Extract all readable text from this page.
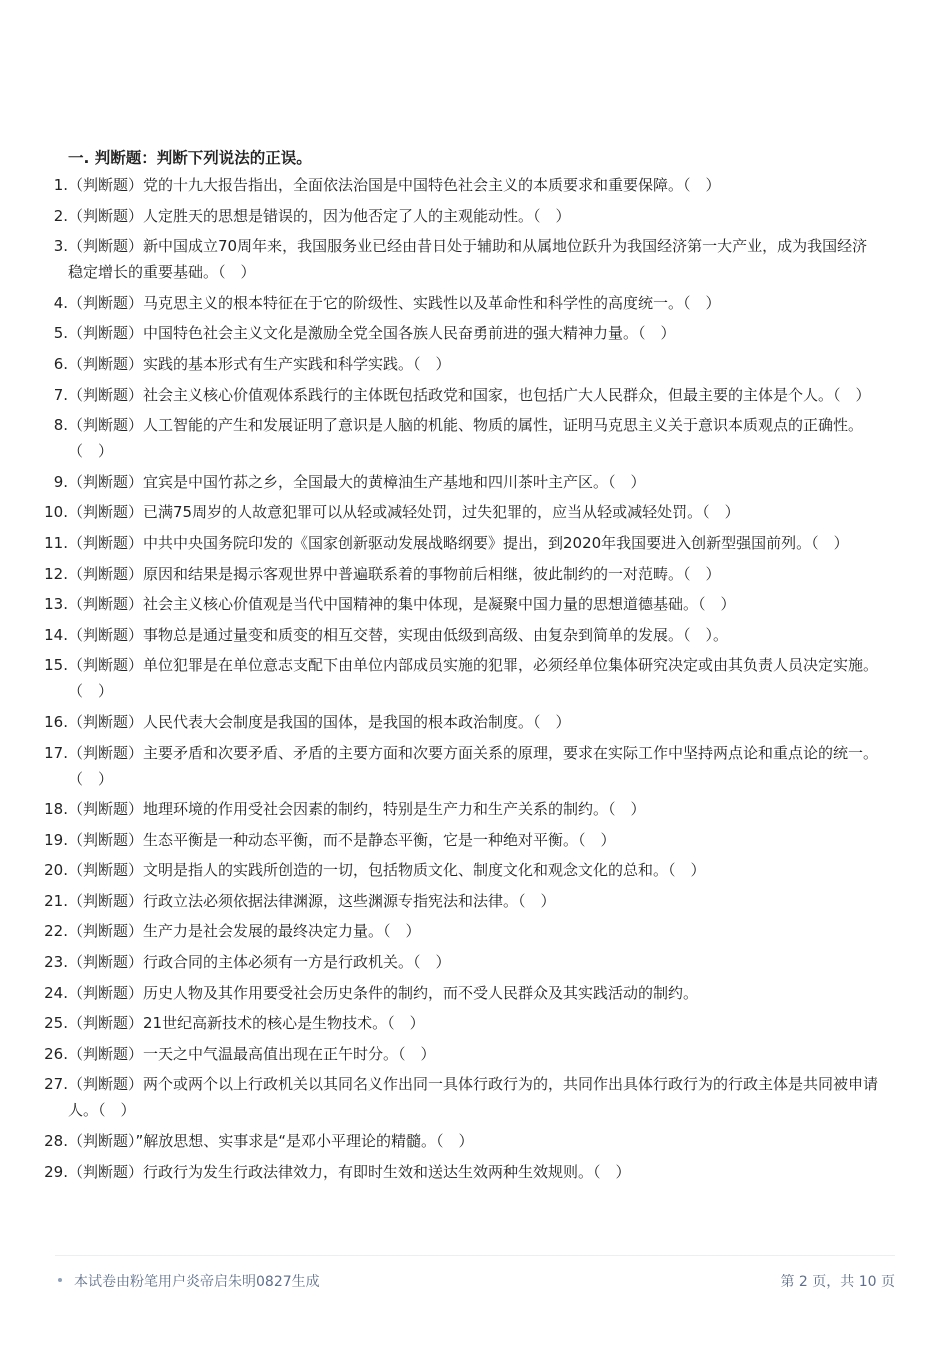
一. 判断题：判断下列说法的正误。
1. （判断题）党的十九大报告指出，全面依法治国是中国特色社会主义的本质要求和重要保障。（　）
2. （判断题）人定胜天的思想是错误的，因为他否定了人的主观能动性。（　）
3. （判断题）新中国成立70周年来，我国服务业已经由昔日处于辅助和从属地位跃升为我国经济第一大产业，成为我国经济稳定增长的重要基础。（　）
4. （判断题）马克思主义的根本特征在于它的阶级性、实践性以及革命性和科学性的高度统一。（　）
5. （判断题）中国特色社会主义文化是激励全党全国各族人民奋勇前进的强大精神力量。（　）
6. （判断题）实践的基本形式有生产实践和科学实践。（　）
7. （判断题）社会主义核心价值观体系践行的主体既包括政党和国家，也包括广大人民群众，但最主要的主体是个人。（　）
8. （判断题）人工智能的产生和发展证明了意识是人脑的机能、物质的属性，证明马克思主义关于意识本质观点的正确性。（　）
9. （判断题）宜宾是中国竹荪之乡，全国最大的黄樟油生产基地和四川茶叶主产区。（　）
10. （判断题）已满75周岁的人故意犯罪可以从轻或减轻处罚，过失犯罪的，应当从轻或减轻处罚。（　）
11. （判断题）中共中央国务院印发的《国家创新驱动发展战略纲要》提出，到2020年我国要进入创新型强国前列。（　）
12. （判断题）原因和结果是揭示客观世界中普遍联系着的事物前后相继，彼此制约的一对范畴。（　）
13. （判断题）社会主义核心价值观是当代中国精神的集中体现，是凝聚中国力量的思想道德基础。（　）
14. （判断题）事物总是通过量变和质变的相互交替，实现由低级到高级、由复杂到简单的发展。（　）。
15. （判断题）单位犯罪是在单位意志支配下由单位内部成员实施的犯罪，必须经单位集体研究决定或由其负责人员决定实施。（　）
16. （判断题）人民代表大会制度是我国的国体，是我国的根本政治制度。（　）
17. （判断题）主要矛盾和次要矛盾、矛盾的主要方面和次要方面关系的原理，要求在实际工作中坚持两点论和重点论的统一。（　）
18. （判断题）地理环境的作用受社会因素的制约，特别是生产力和生产关系的制约。（　）
19. （判断题）生态平衡是一种动态平衡，而不是静态平衡，它是一种绝对平衡。（　）
20. （判断题）文明是指人的实践所创造的一切，包括物质文化、制度文化和观念文化的总和。（　）
21. （判断题）行政立法必须依据法律渊源，这些渊源专指宪法和法律。（　）
22. （判断题）生产力是社会发展的最终决定力量。（　）
23. （判断题）行政合同的主体必须有一方是行政机关。（　）
24. （判断题）历史人物及其作用要受社会历史条件的制约，而不受人民群众及其实践活动的制约。
25. （判断题）21世纪高新技术的核心是生物技术。（　）
26. （判断题）一天之中气温最高值出现在正午时分。（　）
27. （判断题）两个或两个以上行政机关以其同名义作出同一具体行政行为的，共同作出具体行政行为的行政主体是共同被申请人。（　）
28. （判断题）”解放思想、实事求是“是邓小平理论的精髓。（　）
29. （判断题）行政行为发生行政法律效力，有即时生效和送达生效两种生效规则。（　）
本试卷由粉笔用户炎帝启朱明0827生成	第 2 页，共 10 页
